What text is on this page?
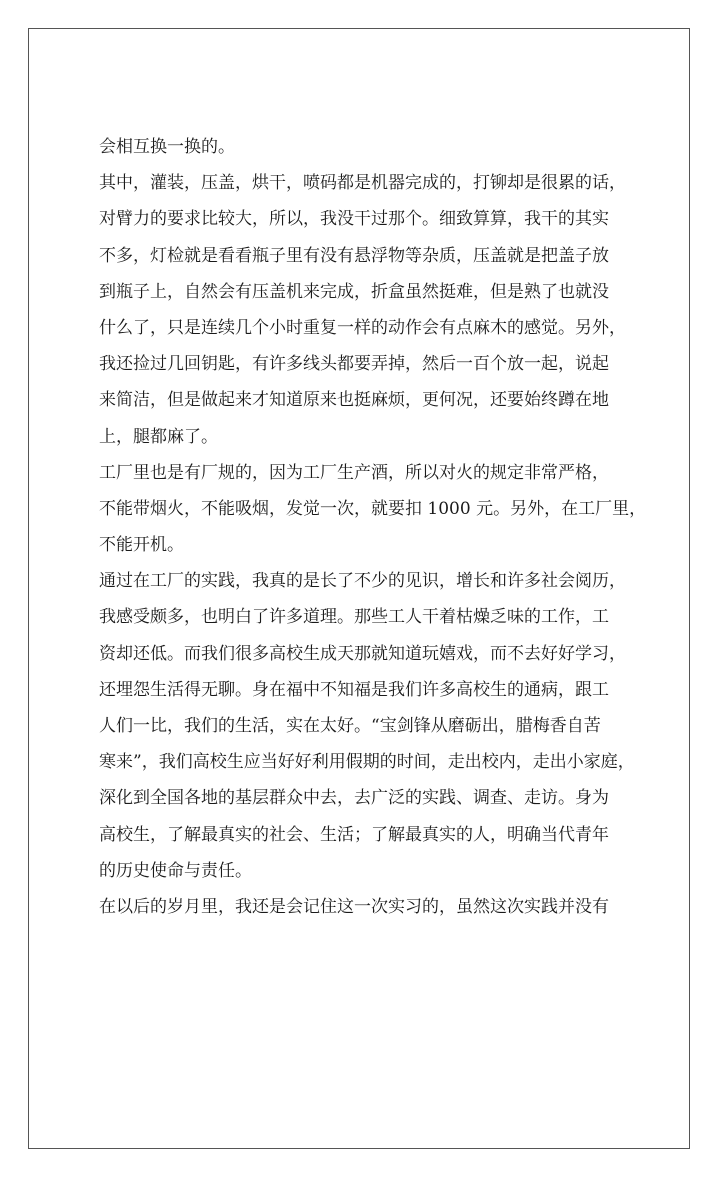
会相互换一换的。
其中，灌装，压盖，烘干，喷码都是机器完成的，打铆却是很累的话，
对臂力的要求比较大，所以，我没干过那个。细致算算，我干的其实
不多，灯检就是看看瓶子里有没有悬浮物等杂质，压盖就是把盖子放
到瓶子上，自然会有压盖机来完成，折盒虽然挺难，但是熟了也就没
什么了，只是连续几个小时重复一样的动作会有点麻木的感觉。另外，
我还捡过几回钥匙，有许多线头都要弄掉，然后一百个放一起，说起
来简洁，但是做起来才知道原来也挺麻烦，更何况，还要始终蹲在地
上，腿都麻了。
工厂里也是有厂规的，因为工厂生产酒，所以对火的规定非常严格，
不能带烟火，不能吸烟，发觉一次，就要扣 1000 元。另外，在工厂里，
不能开机。
通过在工厂的实践，我真的是长了不少的见识，增长和许多社会阅历，
我感受颇多，也明白了许多道理。那些工人干着枯燥乏味的工作，工
资却还低。而我们很多高校生成天那就知道玩嬉戏，而不去好好学习，
还埋怨生活得无聊。身在福中不知福是我们许多高校生的通病，跟工
人们一比，我们的生活，实在太好。“宝剑锋从磨砺出，腊梅香自苦
寒来”，我们高校生应当好好利用假期的时间，走出校内，走出小家庭，
深化到全国各地的基层群众中去，去广泛的实践、调查、走访。身为
高校生，了解最真实的社会、生活；了解最真实的人，明确当代青年
的历史使命与责任。
在以后的岁月里，我还是会记住这一次实习的，虽然这次实践并没有
